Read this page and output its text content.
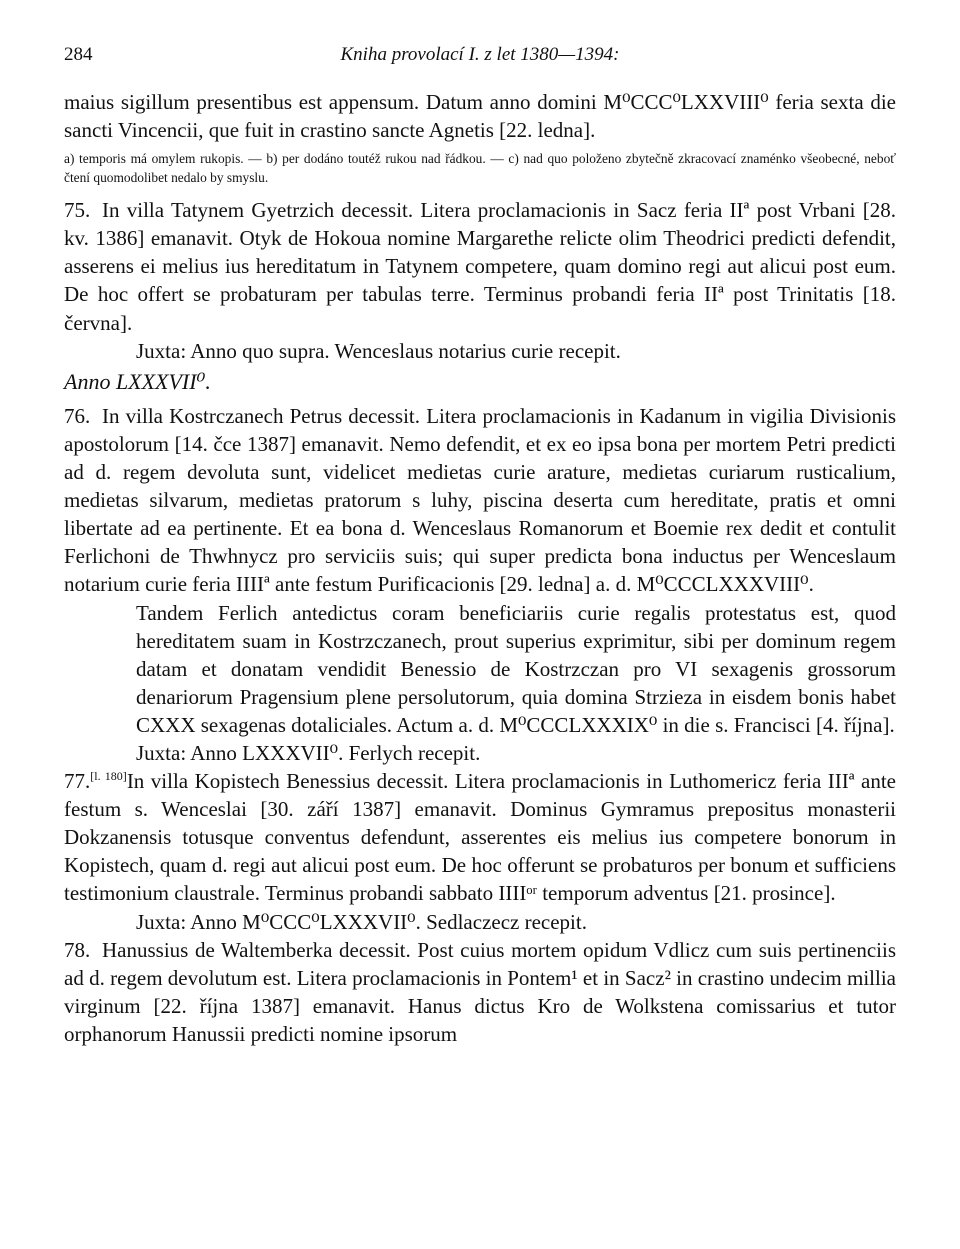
284	Kniha provolací I. z let 1380—1394:

maius sigillum presentibus est appensum. Datum anno domini M⁰CCC⁰LXXVIII⁰ feria sexta die sancti Vincencii, que fuit in crastino sancte Agnetis [22. ledna].

a) temporis má omylem rukopis. — b) per dodáno toutéž rukou nad řádkou. — c) nad quo položeno zbytečně zkracovací znaménko všeobecné, neboť čtení quomodolibet nedalo by smyslu.

75. In villa Tatynem Gyetrzich decessit. Litera proclamacionis in Sacz feria IIª post Vrbani [28. kv. 1386] emanavit. Otyk de Hokoua nomine Margarethe relicte olim Theodrici predicti defendit, asserens ei melius ius hereditatum in Tatynem competere, quam domino regi aut alicui post eum. De hoc offert se probaturam per tabulas terre. Terminus probandi feria IIª post Trinitatis [18. června].

Juxta: Anno quo supra. Wenceslaus notarius curie recepit.

Anno LXXXVII⁰.

76. In villa Kostrczanech Petrus decessit. Litera proclamacionis in Kadanum in vigilia Divisionis apostolorum [14. čce 1387] emanavit. Nemo defendit, et ex eo ipsa bona per mortem Petri predicti ad d. regem devoluta sunt, videlicet medietas curie arature, medietas curiarum rusticalium, medietas silvarum, medietas pratorum s luhy, piscina deserta cum hereditate, pratis et omni libertate ad ea pertinente. Et ea bona d. Wenceslaus Romanorum et Boemie rex dedit et contulit Ferlichoni de Thwhnycz pro serviciis suis; qui super predicta bona inductus per Wenceslaum notarium curie feria IIIIª ante festum Purificacionis [29. ledna] a. d. M⁰CCCLXXXVIII⁰.

Tandem Ferlich antedictus coram beneficiariis curie regalis protestatus est, quod hereditatem suam in Kostrzczanech, prout superius exprimitur, sibi per dominum regem datam et donatam vendidit Benessio de Kostrzczan pro VI sexagenis grossorum denariorum Pragensium plene persolutorum, quia domina Strzieza in eisdem bonis habet CXXX sexagenas dotaliciales. Actum a. d. M⁰CCCLXXXIX⁰ in die s. Francisci [4. října].

Juxta: Anno LXXXVII⁰. Ferlych recepit.

77.[l. 180]In villa Kopistech Benessius decessit. Litera proclamacionis in Luthomericz feria IIIª ante festum s. Wenceslai [30. září 1387] emanavit. Dominus Gymramus prepositus monasterii Dokzanensis totusque conventus defendunt, asserentes eis melius ius competere bonorum in Kopistech, quam d. regi aut alicui post eum. De hoc offerunt se probaturos per bonum et sufficiens testimonium claustrale. Terminus probandi sabbato IIIIᵒʳ temporum adventus [21. prosince].

Juxta: Anno M⁰CCC⁰LXXXVII⁰. Sedlaczecz recepit.

78. Hanussius de Waltemberka decessit. Post cuius mortem opidum Vdlicz cum suis pertinenciis ad d. regem devolutum est. Litera proclamacionis in Pontem¹ et in Sacz² in crastino undecim millia virginum [22. října 1387] emanavit. Hanus dictus Kro de Wolkstena comissarius et tutor orphanorum Hanussii predicti nomine ipsorum
